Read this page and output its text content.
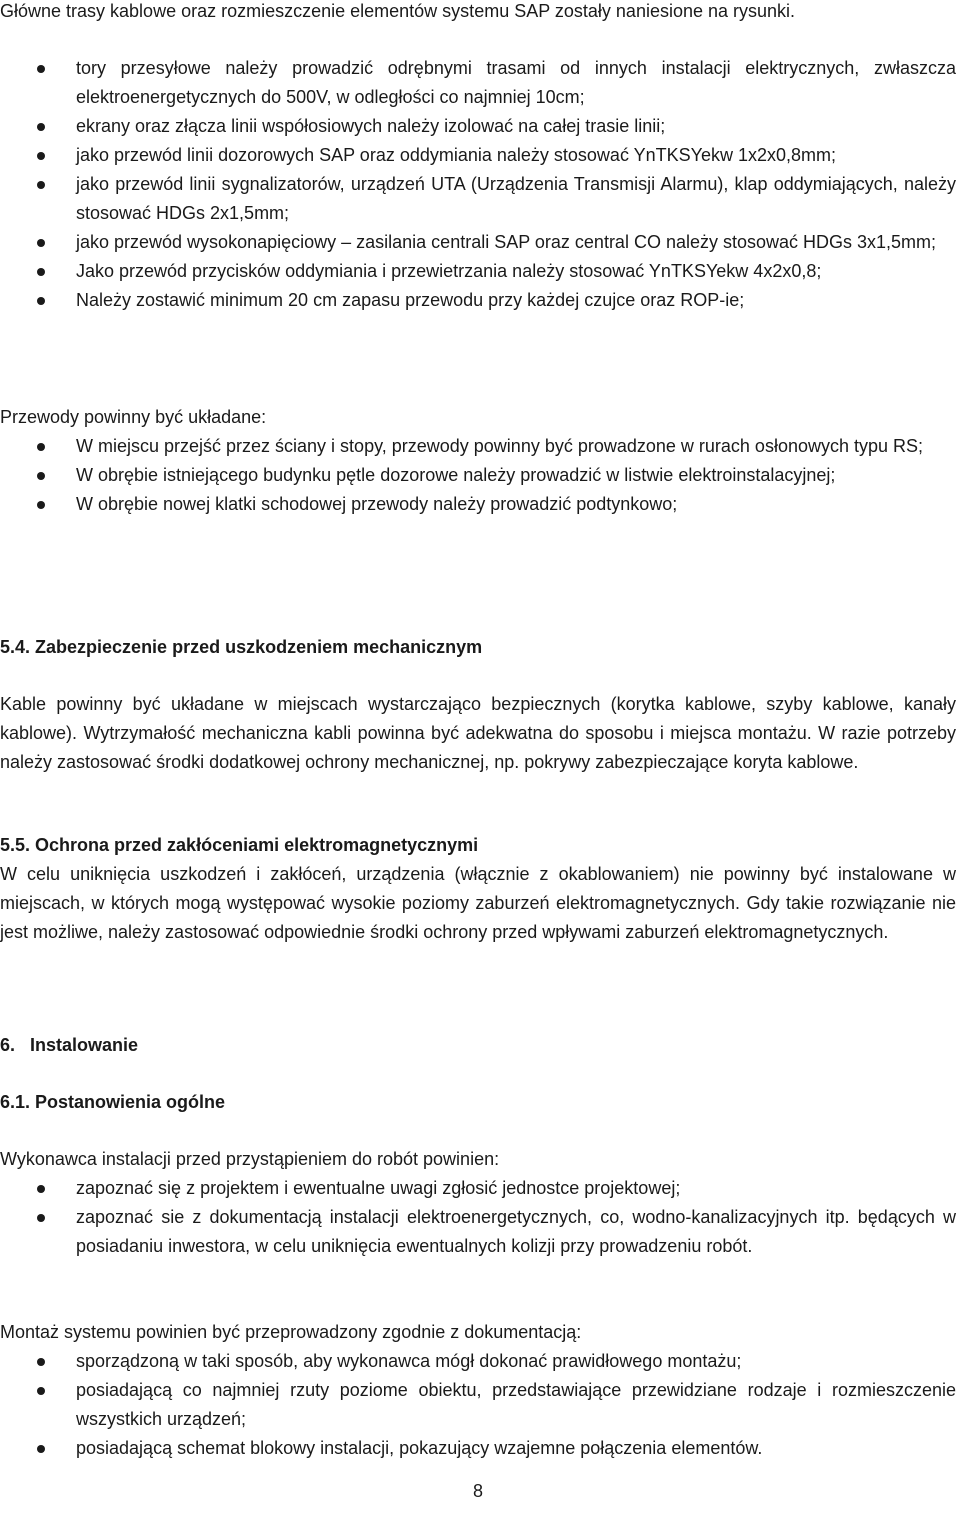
Główne trasy kablowe oraz rozmieszczenie elementów systemu SAP zostały naniesione na rysunki.

tory przesyłowe należy prowadzić odrębnymi trasami od innych instalacji elektrycznych, zwłaszcza elektroenergetycznych do 500V, w odległości co najmniej 10cm;
ekrany oraz złącza linii współosiowych należy izolować na całej trasie linii;
jako przewód linii dozorowych SAP oraz oddymiania należy stosować YnTKSYekw 1x2x0,8mm;
jako przewód linii sygnalizatorów, urządzeń UTA (Urządzenia Transmisji Alarmu), klap oddymiających, należy stosować HDGs 2x1,5mm;
jako przewód wysokonapięciowy – zasilania centrali SAP oraz central CO należy stosować HDGs 3x1,5mm;
Jako przewód przycisków oddymiania i przewietrzania należy stosować YnTKSYekw 4x2x0,8;
Należy zostawić minimum 20 cm zapasu przewodu przy każdej czujce oraz ROP-ie;

Przewody powinny być układane:

W miejscu przejść przez ściany i stopy, przewody powinny być prowadzone w rurach osłonowych typu RS;
W obrębie istniejącego budynku pętle dozorowe należy prowadzić w listwie elektroinstalacyjnej;
W obrębie nowej klatki schodowej przewody należy prowadzić podtynkowo;
5.4. Zabezpieczenie przed uszkodzeniem mechanicznym

Kable powinny być układane w miejscach wystarczająco bezpiecznych (korytka kablowe, szyby kablowe, kanały kablowe). Wytrzymałość mechaniczna kabli powinna być adekwatna do sposobu i miejsca montażu. W razie potrzeby należy zastosować środki dodatkowej ochrony mechanicznej, np. pokrywy zabezpieczające koryta kablowe.

5.5. Ochrona przed zakłóceniami elektromagnetycznymi

W celu uniknięcia uszkodzeń i zakłóceń, urządzenia (włącznie z okablowaniem) nie powinny być instalowane w miejscach, w których mogą występować wysokie poziomy zaburzeń elektromagnetycznych. Gdy takie rozwiązanie nie jest możliwe, należy zastosować odpowiednie środki ochrony przed wpływami zaburzeń elektromagnetycznych.

6.   Instalowanie
6.1. Postanowienia ogólne

Wykonawca instalacji przed przystąpieniem do robót powinien:

zapoznać się z projektem i ewentualne uwagi zgłosić jednostce projektowej;
zapoznać sie z dokumentacją instalacji elektroenergetycznych, co, wodno-kanalizacyjnych itp. będących w posiadaniu inwestora, w celu uniknięcia ewentualnych kolizji przy prowadzeniu robót.

Montaż systemu powinien być przeprowadzony zgodnie z dokumentacją:

sporządzoną w taki sposób, aby wykonawca mógł dokonać prawidłowego montażu;
posiadającą co najmniej rzuty poziome obiektu, przedstawiające przewidziane rodzaje i rozmieszczenie wszystkich urządzeń;
posiadającą schemat blokowy instalacji, pokazujący wzajemne połączenia elementów.
8
